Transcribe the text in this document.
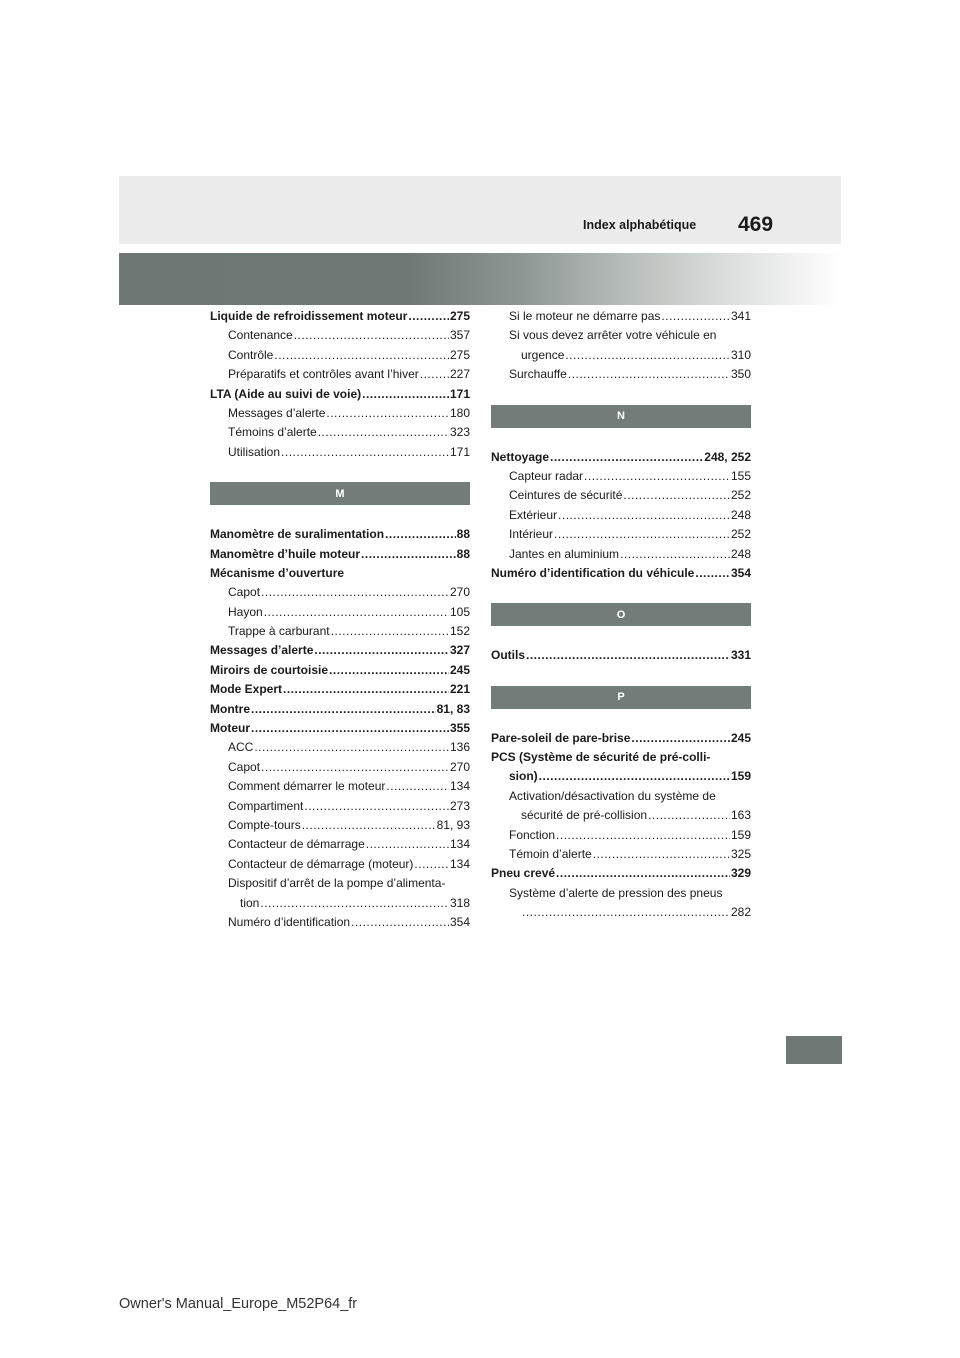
Index alphabétique 469
Liquide de refroidissement moteur .....	275
Contenance .....	357
Contrôle .....	275
Préparatifs et contrôles avant l’hiver .....	227
LTA (Aide au suivi de voie) .....	171
Messages d’alerte .....	180
Témoins d’alerte .....	323
Utilisation .....	171
M
Manomètre de suralimentation .....	88
Manomètre d’huile moteur .....	88
Mécanisme d’ouverture
Capot .....	270
Hayon .....	105
Trappe à carburant .....	152
Messages d’alerte .....	327
Miroirs de courtoisie .....	245
Mode Expert .....	221
Montre .....	81, 83
Moteur .....	355
ACC .....	136
Capot .....	270
Comment démarrer le moteur .....	134
Compartiment .....	273
Compte-tours .....	81, 93
Contacteur de démarrage .....	134
Contacteur de démarrage (moteur) .....	134
Dispositif d’arrêt de la pompe d’alimenta-
tion .....	318
Numéro d’identification .....	354
Si le moteur ne démarre pas .....	341
Si vous devez arrêter votre véhicule en
urgence .....	310
Surchauffe .....	350
N
Nettoyage .....	248, 252
Capteur radar .....	155
Ceintures de sécurité .....	252
Extérieur .....	248
Intérieur .....	252
Jantes en aluminium .....	248
Numéro d’identification du véhicule .....	354
O
Outils .....	331
P
Pare-soleil de pare-brise .....	245
PCS (Système de sécurité de pré-colli-
sion) .....	159
Activation/désactivation du système de
sécurité de pré-collision .....	163
Fonction .....	159
Témoin d’alerte .....	325
Pneu crevé .....	329
Système d’alerte de pression des pneus
.....
282
Owner's Manual_Europe_M52P64_fr
